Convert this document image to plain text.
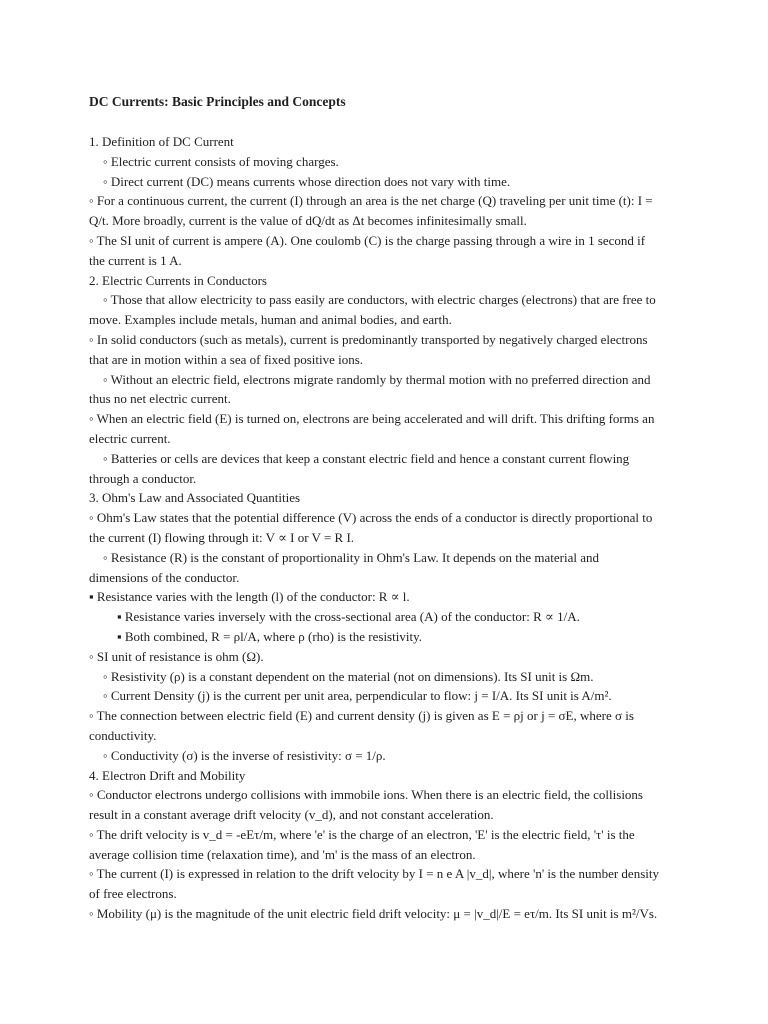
DC Currents: Basic Principles and Concepts
1. Definition of DC Current
◦ Electric current consists of moving charges.
◦ Direct current (DC) means currents whose direction does not vary with time.
◦ For a continuous current, the current (I) through an area is the net charge (Q) traveling per unit time (t): I =
Q/t. More broadly, current is the value of dQ/dt as Δt becomes infinitesimally small.
◦ The SI unit of current is ampere (A). One coulomb (C) is the charge passing through a wire in 1 second if
the current is 1 A.
2. Electric Currents in Conductors
◦ Those that allow electricity to pass easily are conductors, with electric charges (electrons) that are free to
move. Examples include metals, human and animal bodies, and earth.
◦ In solid conductors (such as metals), current is predominantly transported by negatively charged electrons
that are in motion within a sea of fixed positive ions.
◦ Without an electric field, electrons migrate randomly by thermal motion with no preferred direction and
thus no net electric current.
◦ When an electric field (E) is turned on, electrons are being accelerated and will drift. This drifting forms an
electric current.
◦ Batteries or cells are devices that keep a constant electric field and hence a constant current flowing
through a conductor.
3. Ohm's Law and Associated Quantities
◦ Ohm's Law states that the potential difference (V) across the ends of a conductor is directly proportional to
the current (I) flowing through it: V ∝ I or V = R I.
◦ Resistance (R) is the constant of proportionality in Ohm's Law. It depends on the material and
dimensions of the conductor.
▪ Resistance varies with the length (l) of the conductor: R ∝ l.
▪ Resistance varies inversely with the cross-sectional area (A) of the conductor: R ∝ 1/A.
▪ Both combined, R = ρl/A, where ρ (rho) is the resistivity.
◦ SI unit of resistance is ohm (Ω).
◦ Resistivity (ρ) is a constant dependent on the material (not on dimensions). Its SI unit is Ωm.
◦ Current Density (j) is the current per unit area, perpendicular to flow: j = I/A. Its SI unit is A/m².
◦ The connection between electric field (E) and current density (j) is given as E = ρj or j = σE, where σ is
conductivity.
◦ Conductivity (σ) is the inverse of resistivity: σ = 1/ρ.
4. Electron Drift and Mobility
◦ Conductor electrons undergo collisions with immobile ions. When there is an electric field, the collisions
result in a constant average drift velocity (v_d), and not constant acceleration.
◦ The drift velocity is v_d = -eEτ/m, where 'e' is the charge of an electron, 'E' is the electric field, 'τ' is the
average collision time (relaxation time), and 'm' is the mass of an electron.
◦ The current (I) is expressed in relation to the drift velocity by I = n e A |v_d|, where 'n' is the number density
of free electrons.
◦ Mobility (μ) is the magnitude of the unit electric field drift velocity: μ = |v_d|/E = eτ/m. Its SI unit is m²/Vs.
